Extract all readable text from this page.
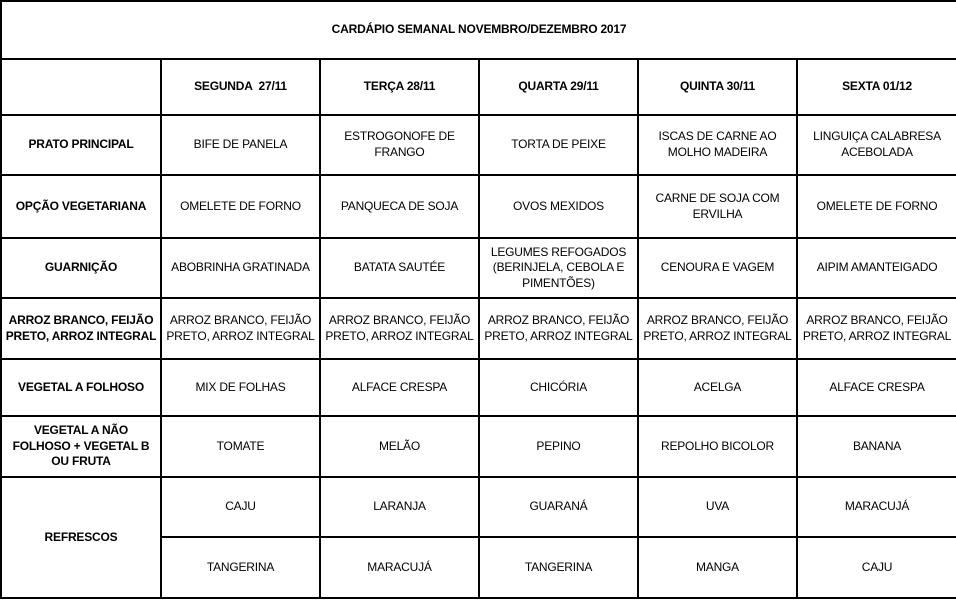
CARDÁPIO SEMANAL NOVEMBRO/DEZEMBRO 2017					
	SEGUNDA  27/11	TERÇA 28/11	QUARTA 29/11	QUINTA 30/11	SEXTA 01/12
PRATO PRINCIPAL	BIFE DE PANELA	ESTROGONOFE DE FRANGO	TORTA DE PEIXE	ISCAS DE CARNE AO MOLHO MADEIRA	LINGUIÇA CALABRESA ACEBOLADA
OPÇÃO VEGETARIANA	OMELETE DE FORNO	PANQUECA DE SOJA	OVOS MEXIDOS	CARNE DE SOJA COM ERVILHA	OMELETE DE FORNO
GUARNIÇÃO	ABOBRINHA GRATINADA	BATATA SAUTÉE	LEGUMES REFOGADOS (BERINJELA, CEBOLA E PIMENTÕES)	CENOURA E VAGEM	AIPIM AMANTEIGADO
ARROZ BRANCO, FEIJÃO PRETO, ARROZ INTEGRAL	ARROZ BRANCO, FEIJÃO PRETO, ARROZ INTEGRAL	ARROZ BRANCO, FEIJÃO PRETO, ARROZ INTEGRAL	ARROZ BRANCO, FEIJÃO PRETO, ARROZ INTEGRAL	ARROZ BRANCO, FEIJÃO PRETO, ARROZ INTEGRAL	ARROZ BRANCO, FEIJÃO PRETO, ARROZ INTEGRAL
VEGETAL A FOLHOSO	MIX DE FOLHAS	ALFACE CRESPA	CHICÓRIA	ACELGA	ALFACE CRESPA
VEGETAL A NÃO FOLHOSO + VEGETAL B OU FRUTA	TOMATE	MELÃO	PEPINO	REPOLHO BICOLOR	BANANA
REFRESCOS	CAJU	LARANJA	GUARANÁ	UVA	MARACUJÁ
	TANGERINA	MARACUJÁ	TANGERINA	MANGA	CAJU
